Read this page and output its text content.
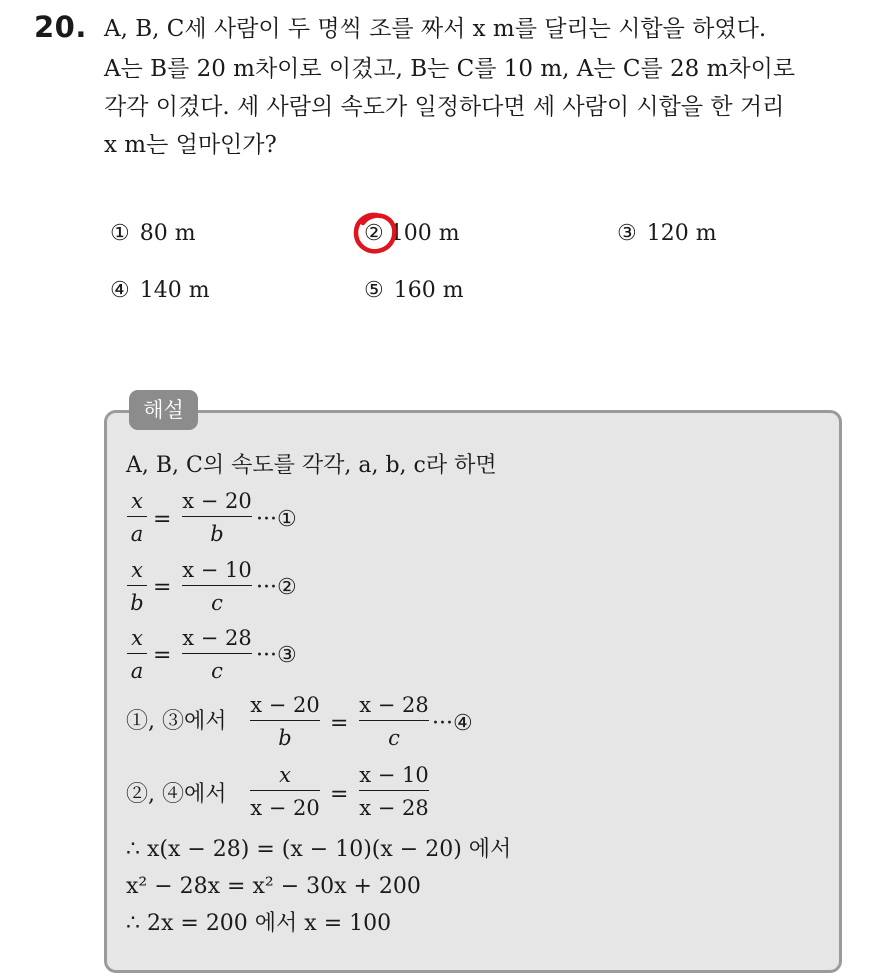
20. A, B, C세 사람이 두 명씩 조를 짜서 x m를 달리는 시합을 하였다.
A는 B를 20 m차이로 이겼고, B는 C를 10 m, A는 C를 28 m차이로
각각 이겼다. 세 사람의 속도가 일정하다면 세 사람이 시합을 한 거리
x m는 얼마인가?
① 80 m	② 100 m	③ 120 m
④ 140 m	⑤ 160 m
해설
A, B, C의 속도를 각각, a, b, c라 하면
x
a
=
x − 20
b
···①
x
b
=
x − 10
c
···②
x
a
=
x − 28
c
···③
①, ③에서
x − 20
b
=
x − 28
c
···④
②, ④에서
x
x − 20
=
x − 10
x − 28
∴ x(x − 28) = (x − 10)(x − 20) 에서
x² − 28x = x² − 30x + 200
∴ 2x = 200 에서 x = 100
